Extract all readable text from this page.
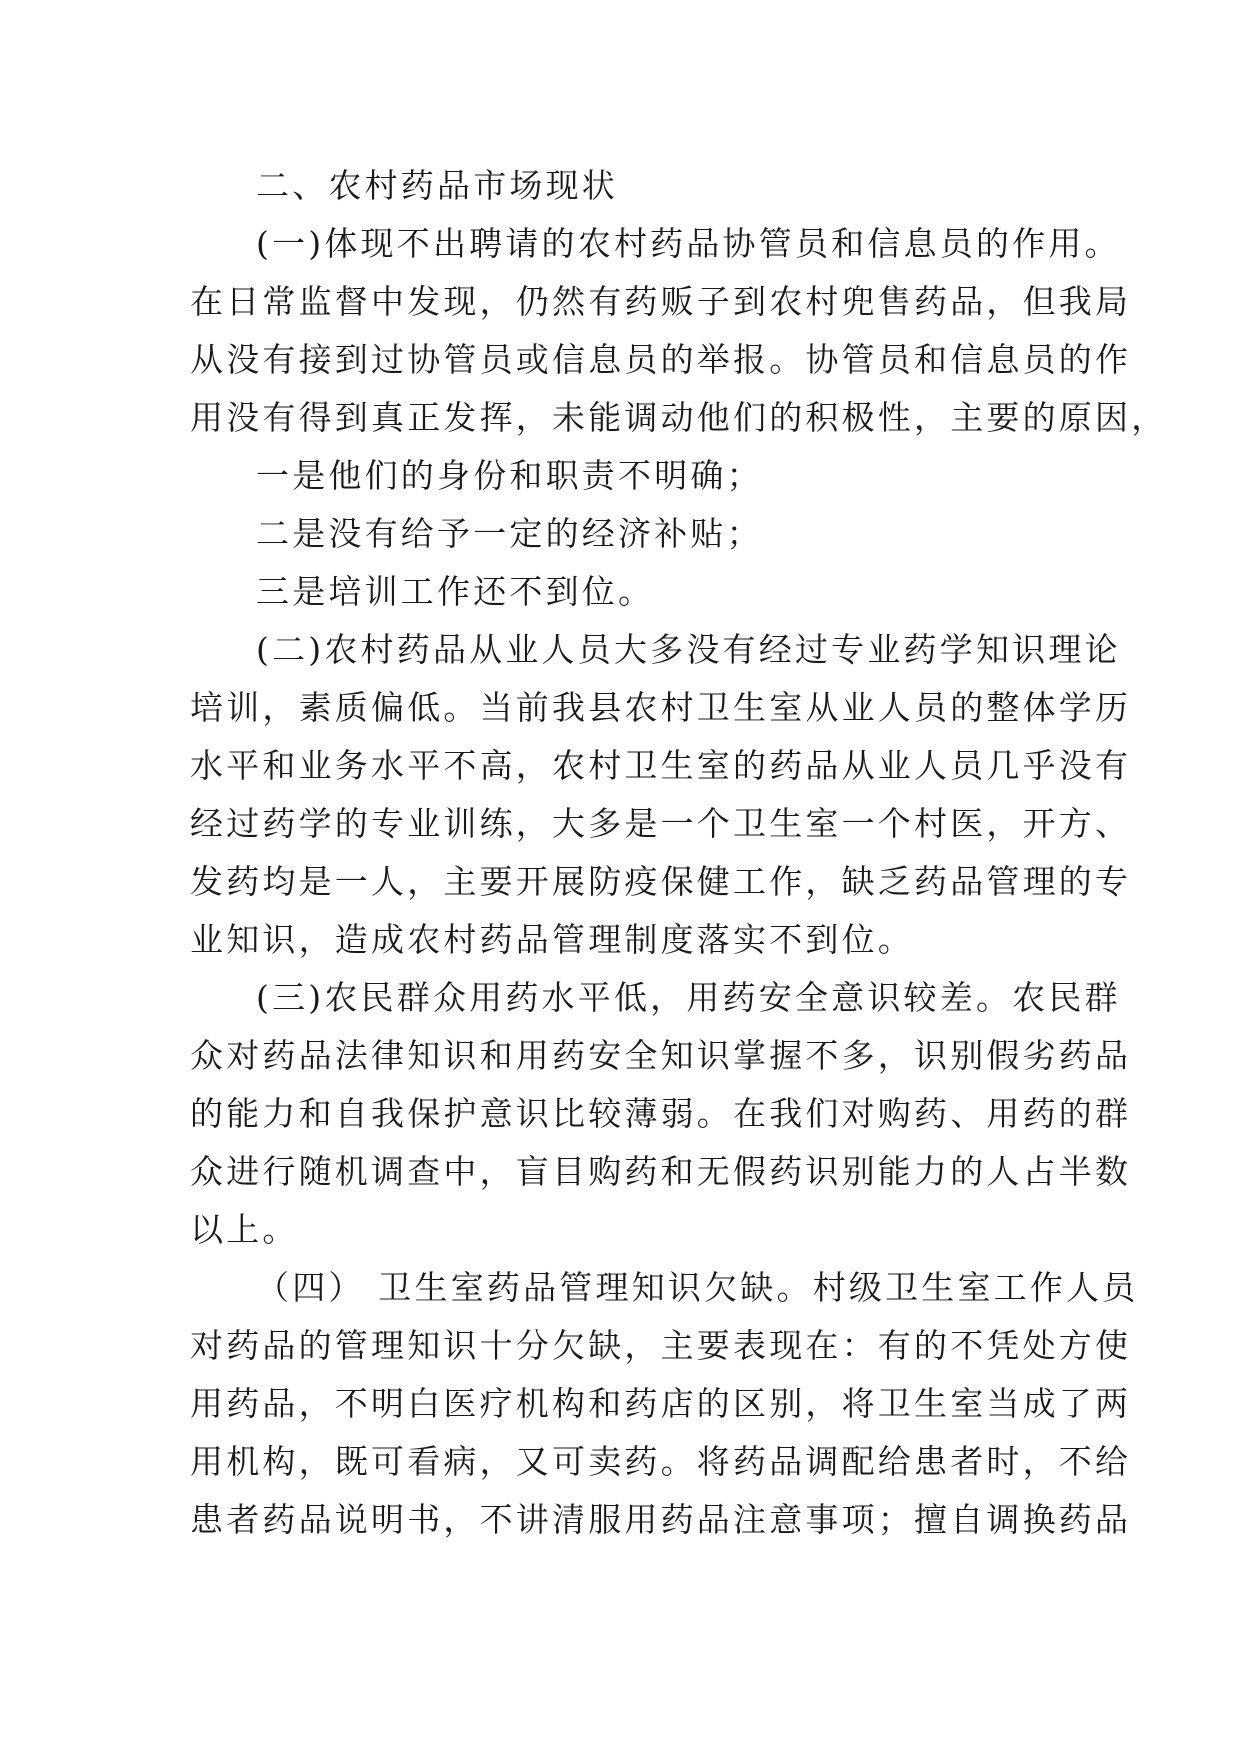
二、农村药品市场现状
(一)体现不出聘请的农村药品协管员和信息员的作用。
在日常监督中发现，仍然有药贩子到农村兜售药品，但我局
从没有接到过协管员或信息员的举报。协管员和信息员的作
用没有得到真正发挥，未能调动他们的积极性，主要的原因，
一是他们的身份和职责不明确；
二是没有给予一定的经济补贴；
三是培训工作还不到位。
(二)农村药品从业人员大多没有经过专业药学知识理论
培训，素质偏低。当前我县农村卫生室从业人员的整体学历
水平和业务水平不高，农村卫生室的药品从业人员几乎没有
经过药学的专业训练，大多是一个卫生室一个村医，开方、
发药均是一人，主要开展防疫保健工作，缺乏药品管理的专
业知识，造成农村药品管理制度落实不到位。
(三)农民群众用药水平低，用药安全意识较差。农民群
众对药品法律知识和用药安全知识掌握不多，识别假劣药品
的能力和自我保护意识比较薄弱。在我们对购药、用药的群
众进行随机调查中，盲目购药和无假药识别能力的人占半数
以上。
（四） 卫生室药品管理知识欠缺。村级卫生室工作人员
对药品的管理知识十分欠缺，主要表现在：有的不凭处方使
用药品，不明白医疗机构和药店的区别，将卫生室当成了两
用机构，既可看病，又可卖药。将药品调配给患者时，不给
患者药品说明书，不讲清服用药品注意事项；擅自调换药品
